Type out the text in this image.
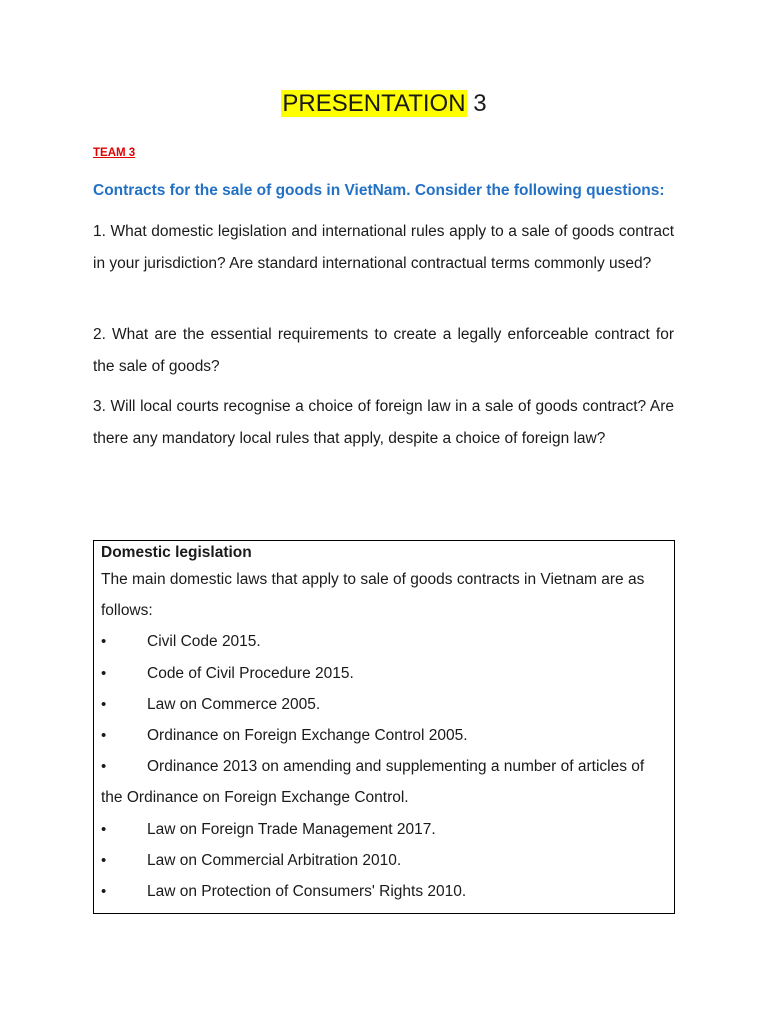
PRESENTATION 3
TEAM 3
Contracts for the sale of goods in VietNam. Consider the following questions:
1. What domestic legislation and international rules apply to a sale of goods contract in your jurisdiction? Are standard international contractual terms commonly used?
2. What are the essential requirements to create a legally enforceable contract for the sale of goods?
3. Will local courts recognise a choice of foreign law in a sale of goods contract? Are there any mandatory local rules that apply, despite a choice of foreign law?
Domestic legislation
The main domestic laws that apply to sale of goods contracts in Vietnam are as follows:
•	Civil Code 2015.
•	Code of Civil Procedure 2015.
•	Law on Commerce 2005.
•	Ordinance on Foreign Exchange Control 2005.
•	Ordinance 2013 on amending and supplementing a number of articles of the Ordinance on Foreign Exchange Control.
•	Law on Foreign Trade Management 2017.
•	Law on Commercial Arbitration 2010.
•	Law on Protection of Consumers' Rights 2010.
